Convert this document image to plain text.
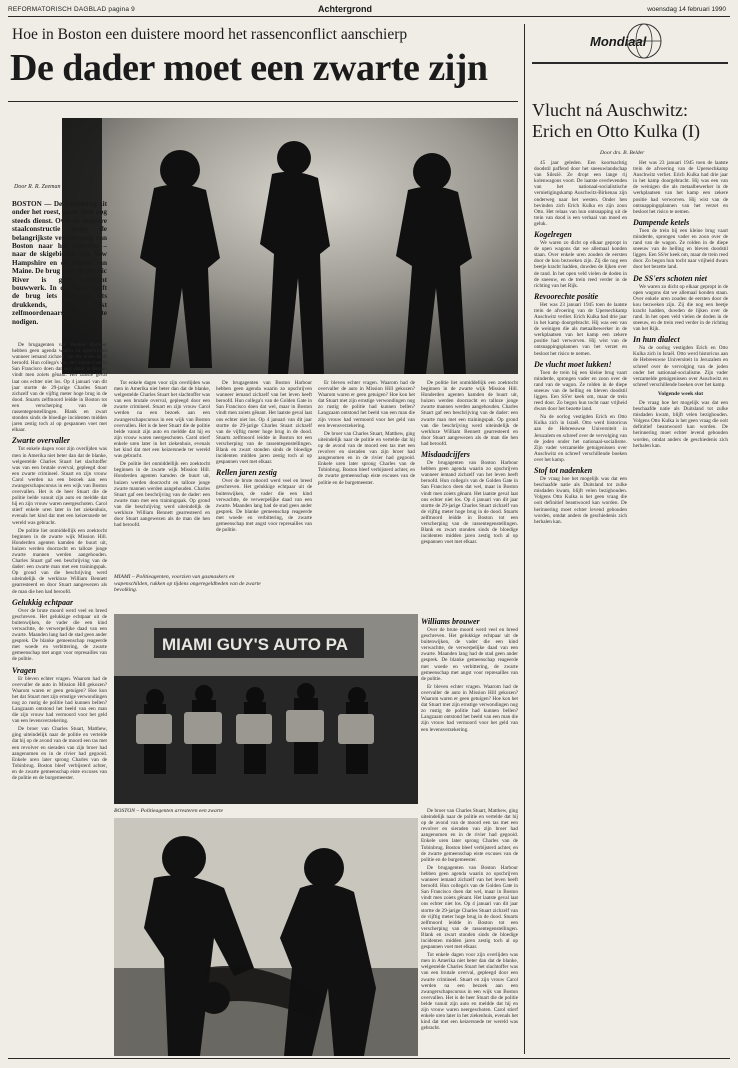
REFORMATORISCH DAGBLAD pagina 9	Achtergrond	woensdag 14 februari 1990
Hoe in Boston een duistere moord het rassenconflict aanschierp
De dader moet een zwarte zijn
Door R. R. Zeeman
BOSTON — De Tobinbrug zit onder het roest, maar doet nog steeds dienst. Over de duistere staalconstructie loopt de belangrijkste verkeersweg van Boston naar het noorden – naar de skigebieden van New Hampshire en de bossen van Maine. De brug over de Mystic River is geen elegant bouwwerk. In de regen heeft de brug iets sinisters, iets drukkends, zij lijkt zelfmoordenaars uit te nodigen.

De brugagenten van Boston Harbour hebben geen agenda waarin zo opschrijven wanneer iemand zichzelf van het leven heeft beroofd. Hun collega's van de Golden Gate in San Francisco doen dat wel, maar in Boston vindt men zoiets gênant. Het laatste geval laat ons echter niet los. Op 4 januari van dit jaar stortte de 29-jarige Charles Stuart zichzelf van de vijftig meter hoge brug in de dood. Stuarts zelfmoord leidde in Boston tot een verscherping van de rassentegenstellingen. Blank en zwart stonden sinds de bloedige incidenten midden jaren zestig toch al op gespannen voet met elkaar.

Zwarte overvaller

Tot enkele dagen voor zijn overlijden was men in Amerika niet beter dan dat de blanke, welgestelde Charles Stuart het slachtoffer was van een brutale overval, gepleegd door een zwarte crimineel. Stuart en zijn vrouw Carol werden na een bezoek aan een zwangerschapscursus in een wijk van Boston overvallen. Het is de heer Stuart die de politie belde vanuit zijn auto en meldde dat hij en zijn vrouw waren neergeschoten. Carol stierf enkele uren later in het ziekenhuis, evenals het kind dat met een keizersnede ter wereld was gebracht.

De politie liet onmiddellijk een zoektocht beginnen in de zwarte wijk Mission Hill. Honderden agenten kamden de buurt uit, huizen werden doorzocht en talloze jonge zwarte mannen werden aangehouden. Charles Stuart gaf een beschrijving van de dader: een zwarte man met een trainingspak. Op grond van die beschrijving werd uiteindelijk de werkloze William Bennett gearresteerd en door Stuart aangewezen als de man die hen had beroofd.

Gelukkig echtpaar

Over de brute moord werd veel en breed geschreven. Het gelukkige echtpaar uit de buitenwijken, de vader die een kind verwachtte, de verwerpelijke daad van een zwarte. Maanden lang had de stad geen ander gesprek. De blanke gemeenschap reageerde met woede en verbittering, de zwarte gemeenschap met angst voor represailles van de politie.

Vragen

Er bleven echter vragen. Waarom had de overvaller de auto in Mission Hill gekozen? Waarom waren er geen getuigen? Hoe kon het dat Stuart met zijn ernstige verwondingen nog zo rustig de politie had kunnen bellen? Langzaam ontstond het beeld van een man die zijn vrouw had vermoord voor het geld van een levensverzekering.

De broer van Charles Stuart, Matthew, ging uiteindelijk naar de politie en vertelde dat hij op de avond van de moord een tas met een revolver en sieraden van zijn broer had aangenomen en in de rivier had gegooid. Enkele uren later sprong Charles van de Tobinbrug. Boston bleef verbijsterd achter, en de zwarte gemeenschap eiste excuses van de politie en de burgemeester.

Tot enkele dagen voor zijn overlijden was men in Amerika niet beter dan dat de blanke, welgestelde Charles Stuart het slachtoffer was van een brutale overval, gepleegd door een zwarte crimineel. Stuart en zijn vrouw Carol werden na een bezoek aan een zwangerschapscursus in een wijk van Boston overvallen. Het is de heer Stuart die de politie belde vanuit zijn auto en meldde dat hij en zijn vrouw waren neergeschoten. Carol stierf enkele uren later in het ziekenhuis, evenals het kind dat met een keizersnede ter wereld was gebracht.

De politie liet onmiddellijk een zoektocht beginnen in de zwarte wijk Mission Hill. Honderden agenten kamden de buurt uit, huizen werden doorzocht en talloze jonge zwarte mannen werden aangehouden. Charles Stuart gaf een beschrijving van de dader: een zwarte man met een trainingspak. Op grond van die beschrijving werd uiteindelijk de werkloze William Bennett gearresteerd en door Stuart aangewezen als de man die hen had beroofd.

De brugagenten van Boston Harbour hebben geen agenda waarin zo opschrijven wanneer iemand zichzelf van het leven heeft beroofd. Hun collega's van de Golden Gate in San Francisco doen dat wel, maar in Boston vindt men zoiets gênant. Het laatste geval laat ons echter niet los. Op 4 januari van dit jaar stortte de 29-jarige Charles Stuart zichzelf van de vijftig meter hoge brug in de dood. Stuarts zelfmoord leidde in Boston tot een verscherping van de rassentegenstellingen. Blank en zwart stonden sinds de bloedige incidenten midden jaren zestig toch al op gespannen voet met elkaar.

Rellen jaren zestig

Over de brute moord werd veel en breed geschreven. Het gelukkige echtpaar uit de buitenwijken, de vader die een kind verwachtte, de verwerpelijke daad van een zwarte. Maanden lang had de stad geen ander gesprek. De blanke gemeenschap reageerde met woede en verbittering, de zwarte gemeenschap met angst voor represailles van de politie.

Er bleven echter vragen. Waarom had de overvaller de auto in Mission Hill gekozen? Waarom waren er geen getuigen? Hoe kon het dat Stuart met zijn ernstige verwondingen nog zo rustig de politie had kunnen bellen? Langzaam ontstond het beeld van een man die zijn vrouw had vermoord voor het geld van een levensverzekering.

De broer van Charles Stuart, Matthew, ging uiteindelijk naar de politie en vertelde dat hij op de avond van de moord een tas met een revolver en sieraden van zijn broer had aangenomen en in de rivier had gegooid. Enkele uren later sprong Charles van de Tobinbrug. Boston bleef verbijsterd achter, en de zwarte gemeenschap eiste excuses van de politie en de burgemeester.

De politie liet onmiddellijk een zoektocht beginnen in de zwarte wijk Mission Hill. Honderden agenten kamden de buurt uit, huizen werden doorzocht en talloze jonge zwarte mannen werden aangehouden. Charles Stuart gaf een beschrijving van de dader: een zwarte man met een trainingspak. Op grond van die beschrijving werd uiteindelijk de werkloze William Bennett gearresteerd en door Stuart aangewezen als de man die hen had beroofd.

Misdaadcijfers

De brugagenten van Boston Harbour hebben geen agenda waarin zo opschrijven wanneer iemand zichzelf van het leven heeft beroofd. Hun collega's van de Golden Gate in San Francisco doen dat wel, maar in Boston vindt men zoiets gênant. Het laatste geval laat ons echter niet los. Op 4 januari van dit jaar stortte de 29-jarige Charles Stuart zichzelf van de vijftig meter hoge brug in de dood. Stuarts zelfmoord leidde in Boston tot een verscherping van de rassentegenstellingen. Blank en zwart stonden sinds de bloedige incidenten midden jaren zestig toch al op gespannen voet met elkaar.

MIAMI – Politieagenten, voorzien van gasmaskers en wapenschilden, rukken op tijdens ongeregeldheden van de zwarte bevolking.
MIAMI GUY'S AUTO PA
Williams brouwer

Over de brute moord werd veel en breed geschreven. Het gelukkige echtpaar uit de buitenwijken, de vader die een kind verwachtte, de verwerpelijke daad van een zwarte. Maanden lang had de stad geen ander gesprek. De blanke gemeenschap reageerde met woede en verbittering, de zwarte gemeenschap met angst voor represailles van de politie.

Er bleven echter vragen. Waarom had de overvaller de auto in Mission Hill gekozen? Waarom waren er geen getuigen? Hoe kon het dat Stuart met zijn ernstige verwondingen nog zo rustig de politie had kunnen bellen? Langzaam ontstond het beeld van een man die zijn vrouw had vermoord voor het geld van een levensverzekering.

BOSTON – Politieagenten arresteren een zwarte	De broer van Charles Stuart, Matthew, ging uiteindelijk naar de politie en vertelde dat hij op de avond van de moord een tas met een revolver en sieraden van zijn broer had aangenomen en in de rivier had gegooid. Enkele uren later sprong Charles van de Tobinbrug. Boston bleef verbijsterd achter, en de zwarte gemeenschap eiste excuses van de politie en de burgemeester.

De brugagenten van Boston Harbour hebben geen agenda waarin zo opschrijven wanneer iemand zichzelf van het leven heeft beroofd. Hun collega's van de Golden Gate in San Francisco doen dat wel, maar in Boston vindt men zoiets gênant. Het laatste geval laat ons echter niet los. Op 4 januari van dit jaar stortte de 29-jarige Charles Stuart zichzelf van de vijftig meter hoge brug in de dood. Stuarts zelfmoord leidde in Boston tot een verscherping van de rassentegenstellingen. Blank en zwart stonden sinds de bloedige incidenten midden jaren zestig toch al op gespannen voet met elkaar.

Tot enkele dagen voor zijn overlijden was men in Amerika niet beter dan dat de blanke, welgestelde Charles Stuart het slachtoffer was van een brutale overval, gepleegd door een zwarte crimineel. Stuart en zijn vrouw Carol werden na een bezoek aan een zwangerschapscursus in een wijk van Boston overvallen. Het is de heer Stuart die de politie belde vanuit zijn auto en meldde dat hij en zijn vrouw waren neergeschoten. Carol stierf enkele uren later in het ziekenhuis, evenals het kind dat met een keizersnede ter wereld was gebracht.

Mondiaal
Vlucht ná Auschwitz: Erich en Otto Kulka (I)
Door drs. B. Belder

45 jaar geleden. Een koortsachtig doodstil paffend door het sneeuwlandschap van Silezië. Ze dropt een lange rij kolenwagons voort. De laatste overlevenden van het nationaal-socialistische vernietigingskamp Auschwitz-Birkenau zijn onderweg naar het westen. Onder hen bevinden zich Erich Kulka en zijn zoon Otto. Het relaas van hun ontsnapping uit de trein van dood is een verhaal van moed en geluk.

Kogelregen

We waren zo dicht op elkaar gepropt in de open wagons dat we allemaal konden staan. Over enkele uren zouden de eersten door de kou bezweken zijn. Zij die nog een beetje kracht hadden, duwden de lijken over de rand. In het open veld vielen de doden in de sneeuw, en de trein reed verder in de richting van het Rijk.

Revoorechte positie

Het was 23 januari 1945 toen de laatste trein de afvoering van de Upersechkamp Auschwitz verliet. Erich Kulka had drie jaar in het kamp doorgebracht. Hij was een van de weinigen die als metaalbewerker in de werkplaatsen van het kamp een zekere positie had verworven. Hij wist van de ontsnappingsplannen van het verzet en besloot het risico te nemen.

De vlucht moet lukken!

Toen de trein bij een kleine brug vaart minderde, sprongen vader en zoon over de rand van de wagon. Ze rolden in de diepe sneeuw van de helling en bleven doodstil liggen. Een SS'er keek om, maar de trein reed door. Zo begon hun tocht naar vrijheid dwars door het bezette land.

Na de oorlog vestigden Erich en Otto Kulka zich in Israël. Otto werd historicus aan de Hebreeuwse Universiteit in Jeruzalem en schreef over de vervolging van de joden onder het nationaal-socialisme. Zijn vader verzamelde getuigenissen over Auschwitz en schreef verschillende boeken over het kamp.

Stof tot nadenken

De vraag hoe het mogelijk was dat een beschaafde natie als Duitsland tot zulke misdaden kwam, blijft velen bezighouden. Volgens Otto Kulka is het geen vraag die ooit definitief beantwoord kan worden. De herinnering moet echter levend gehouden worden, omdat anders de geschiedenis zich herhalen kan.

Het was 23 januari 1945 toen de laatste trein de afvoering van de Upersechkamp Auschwitz verliet. Erich Kulka had drie jaar in het kamp doorgebracht. Hij was een van de weinigen die als metaalbewerker in de werkplaatsen van het kamp een zekere positie had verworven. Hij wist van de ontsnappingsplannen van het verzet en besloot het risico te nemen.

Dampende ketels

Toen de trein bij een kleine brug vaart minderde, sprongen vader en zoon over de rand van de wagon. Ze rolden in de diepe sneeuw van de helling en bleven doodstil liggen. Een SS'er keek om, maar de trein reed door. Zo begon hun tocht naar vrijheid dwars door het bezette land.

De SS'ers schoten niet

We waren zo dicht op elkaar gepropt in de open wagons dat we allemaal konden staan. Over enkele uren zouden de eersten door de kou bezweken zijn. Zij die nog een beetje kracht hadden, duwden de lijken over de rand. In het open veld vielen de doden in de sneeuw, en de trein reed verder in de richting van het Rijk.

In hun dialect

Na de oorlog vestigden Erich en Otto Kulka zich in Israël. Otto werd historicus aan de Hebreeuwse Universiteit in Jeruzalem en schreef over de vervolging van de joden onder het nationaal-socialisme. Zijn vader verzamelde getuigenissen over Auschwitz en schreef verschillende boeken over het kamp.

Volgende week slot

De vraag hoe het mogelijk was dat een beschaafde natie als Duitsland tot zulke misdaden kwam, blijft velen bezighouden. Volgens Otto Kulka is het geen vraag die ooit definitief beantwoord kan worden. De herinnering moet echter levend gehouden worden, omdat anders de geschiedenis zich herhalen kan.
